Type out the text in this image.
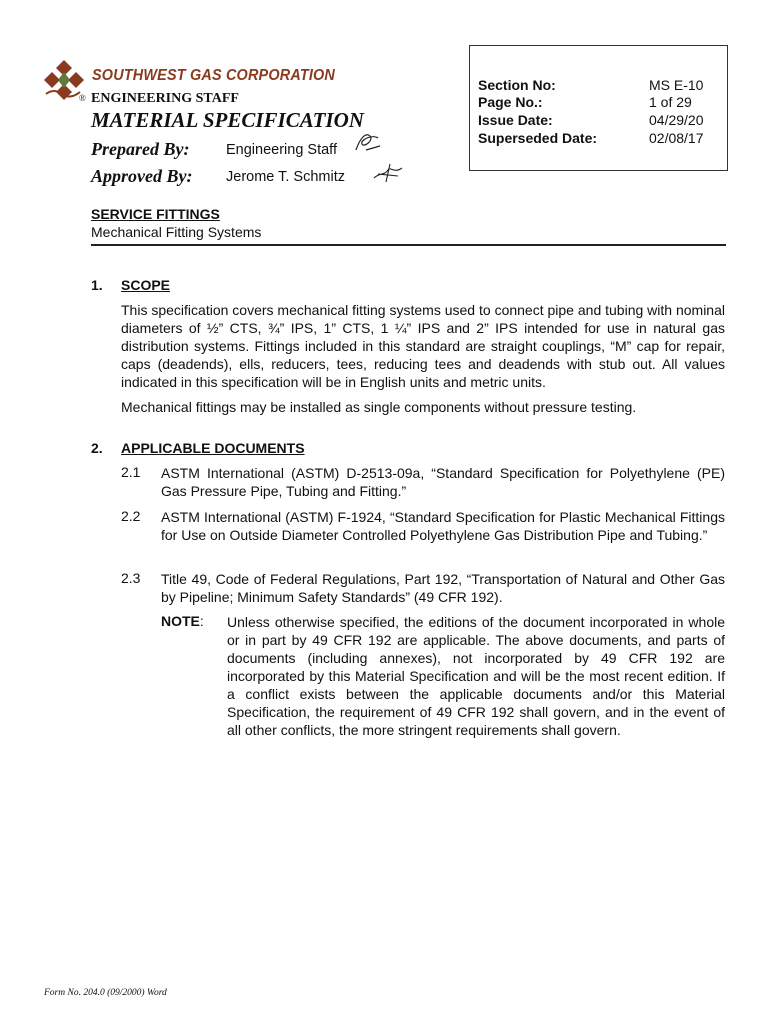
SOUTHWEST GAS CORPORATION
® ENGINEERING STAFF
MATERIAL SPECIFICATION
Prepared By:	Engineering Staff
Approved By: Jerome T. Schmitz
Section No:	MS E-10
Page No.:	1 of 29
Issue Date:	04/29/20
Superseded Date:	02/08/17
SERVICE FITTINGS
Mechanical Fitting Systems
1. SCOPE

This specification covers mechanical fitting systems used to connect pipe and tubing with nominal diameters of ½” CTS, ¾” IPS, 1” CTS, 1 ¼” IPS and 2” IPS intended for use in natural gas distribution systems. Fittings included in this standard are straight couplings, “M” cap for repair, caps (deadends), ells, reducers, tees, reducing tees and deadends with stub out. All values indicated in this specification will be in English units and metric units.

Mechanical fittings may be installed as single components without pressure testing.

2. APPLICABLE DOCUMENTS
2.1 ASTM International (ASTM) D-2513-09a, “Standard Specification for Polyethylene (PE) Gas Pressure Pipe, Tubing and Fitting.”

2.2 ASTM International (ASTM) F-1924, “Standard Specification for Plastic Mechanical Fittings for Use on Outside Diameter Controlled Polyethylene Gas Distribution Pipe and Tubing.”

2.3 Title 49, Code of Federal Regulations, Part 192, “Transportation of Natural and Other Gas by Pipeline; Minimum Safety Standards” (49 CFR 192).

NOTE: Unless otherwise specified, the editions of the document incorporated in whole or in part by 49 CFR 192 are applicable. The above documents, and parts of documents (including annexes), not incorporated by 49 CFR 192 are incorporated by this Material Specification and will be the most recent edition. If a conflict exists between the applicable documents and/or this Material Specification, the requirement of 49 CFR 192 shall govern, and in the event of all other conflicts, the more stringent requirements shall govern.

Form No. 204.0 (09/2000) Word
